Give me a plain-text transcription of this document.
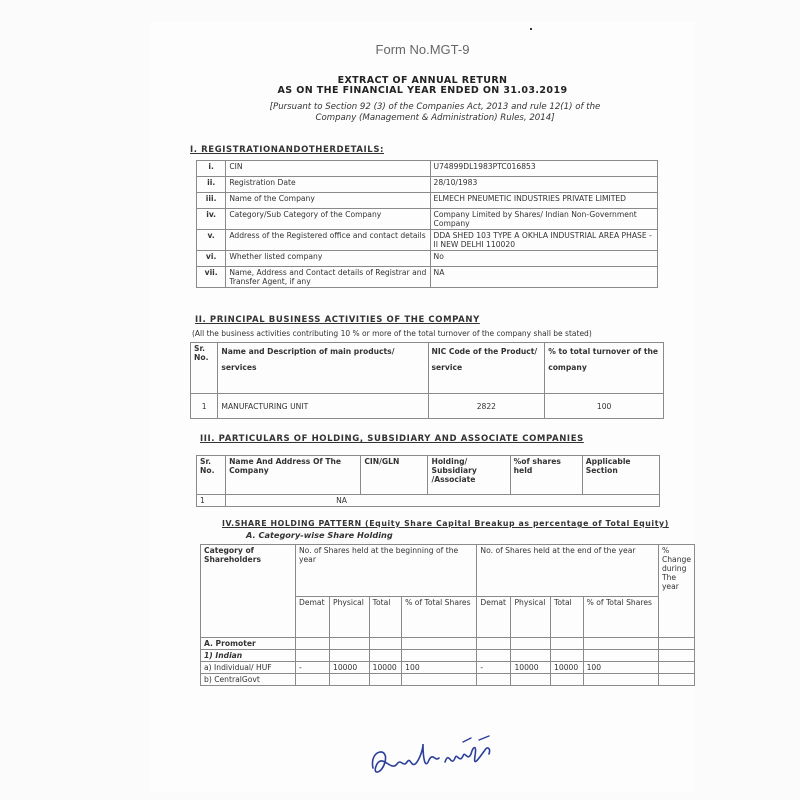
Form No.MGT-9
EXTRACT OF ANNUAL RETURN
AS ON THE FINANCIAL YEAR ENDED ON 31.03.2019
[Pursuant to Section 92 (3) of the Companies Act, 2013 and rule 12(1) of the
Company (Management & Administration) Rules, 2014]
I. REGISTRATIONANDOTHERDETAILS:
i.	CIN	U74899DL1983PTC016853
ii.	Registration Date	28/10/1983
iii.	Name of the Company	ELMECH PNEUMETIC INDUSTRIES PRIVATE LIMITED
iv.	Category/Sub Category of the Company	Company Limited by Shares/ Indian Non-Government Company
v.	Address of the Registered office and contact details	DDA SHED 103 TYPE A OKHLA INDUSTRIAL AREA PHASE - II NEW DELHI 110020
vi.	Whether listed company	No
vii.	Name, Address and Contact details of Registrar and Transfer Agent, if any	NA
II. PRINCIPAL BUSINESS ACTIVITIES OF THE COMPANY
(All the business activities contributing 10 % or more of the total turnover of the company shall be stated)
Sr. No.	Name and Description of main products/ services	NIC Code of the Product/ service	% to total turnover of the company
1	MANUFACTURING UNIT	2822	100
III. PARTICULARS OF HOLDING, SUBSIDIARY AND ASSOCIATE COMPANIES
Sr. No.	Name And Address Of The Company	CIN/GLN	Holding/ Subsidiary /Associate	%of shares held	Applicable Section
1	NA				
IV.SHARE HOLDING PATTERN (Equity Share Capital Breakup as percentage of Total Equity)
A. Category-wise Share Holding
Category of Shareholders	No. of Shares held at the beginning of the year				No. of Shares held at the end of the year				% Change during The year
	Demat	Physical	Total	% of Total Shares	Demat	Physical	Total	% of Total Shares	
A. Promoter									
1) Indian									
a) Individual/ HUF	-	10000	10000	100	-	10000	10000	100	
b) CentralGovt									
